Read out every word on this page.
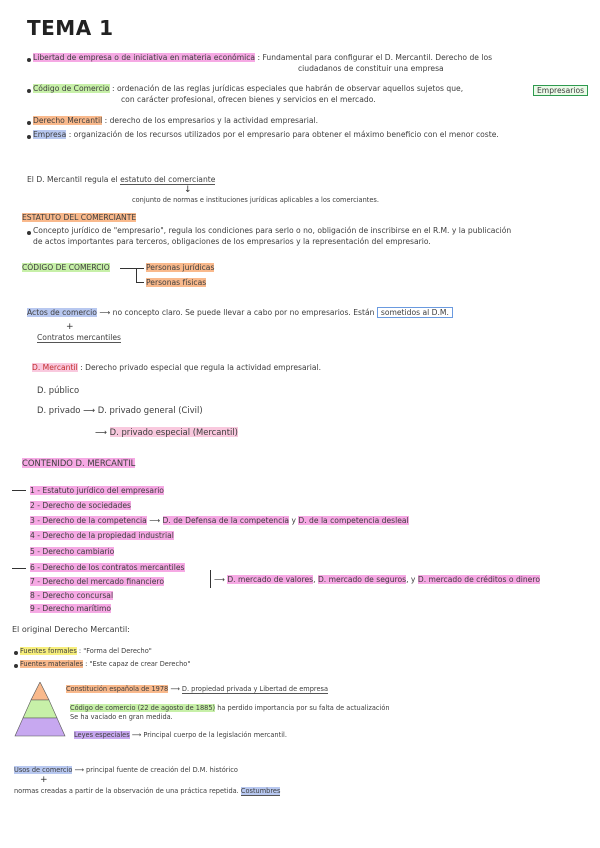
TEMA 1
Libertad de empresa o de iniciativa en materia económica : Fundamental para configurar el D. Mercantil. Derecho de los
ciudadanos de constituir una empresa
Código de Comercio : ordenación de las reglas jurídicas especiales que habrán de observar aquellos sujetos que,
con carácter profesional, ofrecen bienes y servicios en el mercado.
Empresarios
Derecho Mercantil : derecho de los empresarios y la actividad empresarial.
Empresa : organización de los recursos utilizados por el empresario para obtener el máximo beneficio con el menor coste.
El D. Mercantil regula el estatuto del comerciante
↓
conjunto de normas e instituciones jurídicas aplicables a los comerciantes.
ESTATUTO DEL COMERCIANTE
Concepto jurídico de "empresario", regula los condiciones para serlo o no, obligación de inscribirse en el R.M. y la publicación
de actos importantes para terceros, obligaciones de los empresarios y la representación del empresario.
CÓDIGO DE COMERCIO	Personas jurídicas
Personas físicas
Actos de comercio ⟶ no concepto claro. Se puede llevar a cabo por no empresarios. Están sometidos al D.M.
+
Contratos mercantiles
D. Mercantil : Derecho privado especial que regula la actividad empresarial.
D. público
D. privado ⟶ D. privado general (Civil)
⟶ D. privado especial (Mercantil)
CONTENIDO D. MERCANTIL
1 - Estatuto jurídico del empresario
2 - Derecho de sociedades
3 - Derecho de la competencia ⟶ D. de Defensa de la competencia y D. de la competencia desleal
4 - Derecho de la propiedad industrial
5 - Derecho cambiario
6 - Derecho de los contratos mercantiles
7 - Derecho del mercado financiero	⟶ D. mercado de valores, D. mercado de seguros, y D. mercado de créditos o dinero
8 - Derecho concursal
9 - Derecho marítimo
El original Derecho Mercantil:
Fuentes formales : "Forma del Derecho"
Fuentes materiales : "Este capaz de crear Derecho"
Constitución española de 1978 ⟶ D. propiedad privada y Libertad de empresa
Código de comercio (22 de agosto de 1885) ha perdido importancia por su falta de actualización
Se ha vaciado en gran medida.
Leyes especiales ⟶ Principal cuerpo de la legislación mercantil.
Usos de comercio ⟶ principal fuente de creación del D.M. histórico
+
normas creadas a partir de la observación de una práctica repetida. Costumbres
